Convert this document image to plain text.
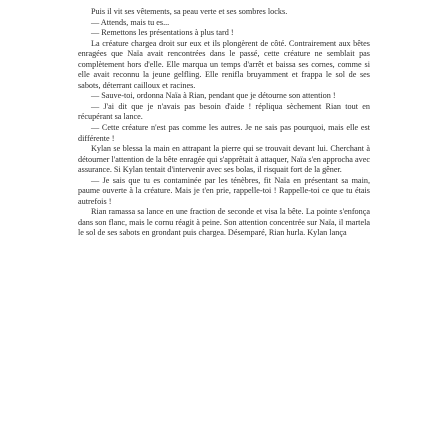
Puis il vit ses vêtements, sa peau verte et ses sombres locks.

— Attends, mais tu es...

— Remettons les présentations à plus tard !

La créature chargea droit sur eux et ils plongèrent de côté. Contrairement aux bêtes enragées que Naïa avait rencontrées dans le passé, cette créature ne semblait pas complètement hors d'elle. Elle marqua un temps d'arrêt et baissa ses cornes, comme si elle avait reconnu la jeune gelfling. Elle renifla bruyamment et frappa le sol de ses sabots, déterrant cailloux et racines.

— Sauve-toi, ordonna Naïa à Rian, pendant que je détourne son attention !

— J'ai dit que je n'avais pas besoin d'aide ! répliqua sèchement Rian tout en récupérant sa lance.

— Cette créature n'est pas comme les autres. Je ne sais pas pourquoi, mais elle est différente !

Kylan se blessa la main en attrapant la pierre qui se trouvait devant lui. Cherchant à détourner l'attention de la bête enragée qui s'apprêtait à attaquer, Naïa s'en approcha avec assurance. Si Kylan tentait d'intervenir avec ses bolas, il risquait fort de la gêner.

— Je sais que tu es contaminée par les ténèbres, fit Naïa en présentant sa main, paume ouverte à la créature. Mais je t'en prie, rappelle-toi ! Rappelle-toi ce que tu étais autrefois !

Rian ramassa sa lance en une fraction de seconde et visa la bête. La pointe s'enfonça dans son flanc, mais le cornu réagit à peine. Son attention concentrée sur Naïa, il martela le sol de ses sabots en grondant puis chargea. Désemparé, Rian hurla. Kylan lança
